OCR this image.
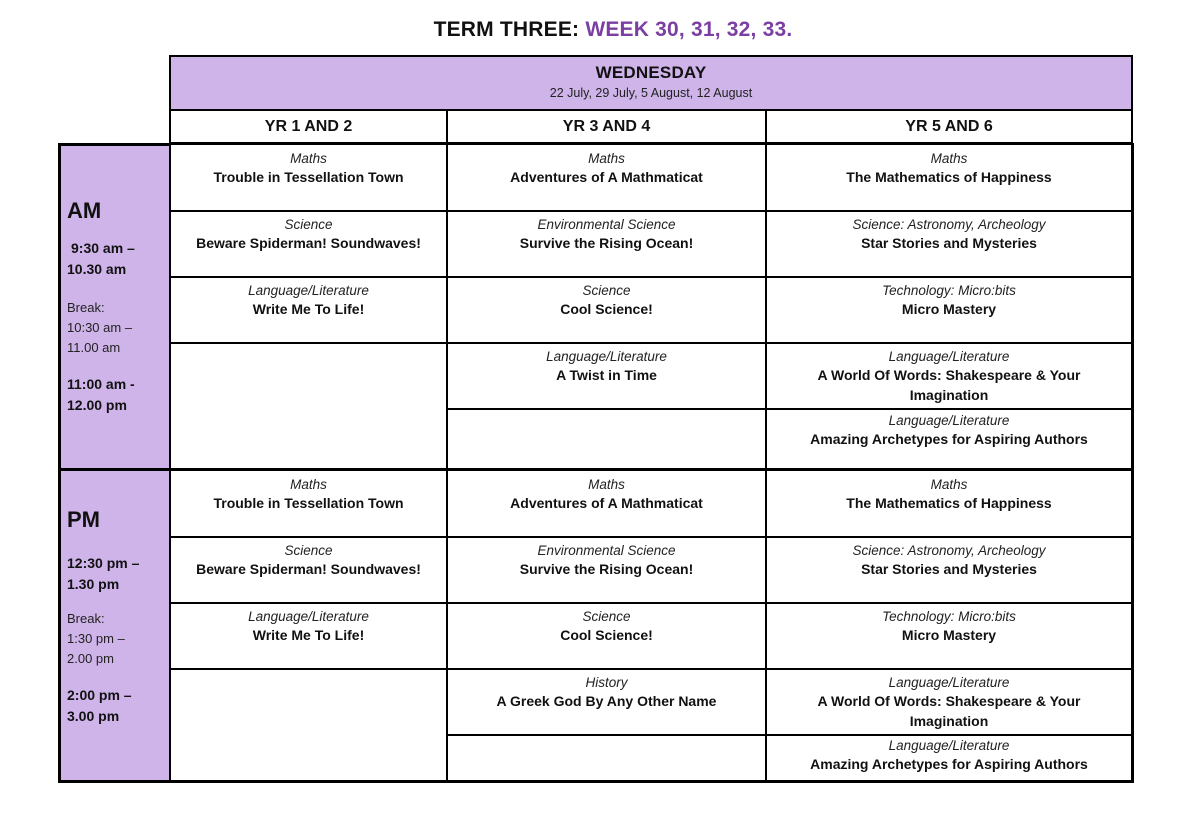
TERM THREE: WEEK 30, 31, 32, 33.
WEDNESDAY
22 July, 29 July, 5 August, 12 August
YR 1 AND 2	YR 3 AND 4	YR 5 AND 6
AM
9:30 am –
10.30 am
Break:
10:30 am –
11.00 am
11:00 am -
12.00 pm
PM
12:30 pm –
1.30 pm
Break:
1:30 pm –
2.00 pm
2:00 pm –
3.00 pm
Maths
Trouble in Tessellation Town
Science
Beware Spiderman! Soundwaves!
Language/Literature
Write Me To Life!
Maths
Adventures of A Mathmaticat
Environmental Science
Survive the Rising Ocean!
Science
Cool Science!
Language/Literature
A Twist in Time
Maths
The Mathematics of Happiness
Science: Astronomy, Archeology
Star Stories and Mysteries
Technology: Micro:bits
Micro Mastery
Language/Literature
A World Of Words: Shakespeare & Your Imagination
Language/Literature
Amazing Archetypes for Aspiring Authors
Maths
Trouble in Tessellation Town
Science
Beware Spiderman! Soundwaves!
Language/Literature
Write Me To Life!
Maths
Adventures of A Mathmaticat
Environmental Science
Survive the Rising Ocean!
Science
Cool Science!
History
A Greek God By Any Other Name
Maths
The Mathematics of Happiness
Science: Astronomy, Archeology
Star Stories and Mysteries
Technology: Micro:bits
Micro Mastery
Language/Literature
A World Of Words: Shakespeare & Your Imagination
Language/Literature
Amazing Archetypes for Aspiring Authors
